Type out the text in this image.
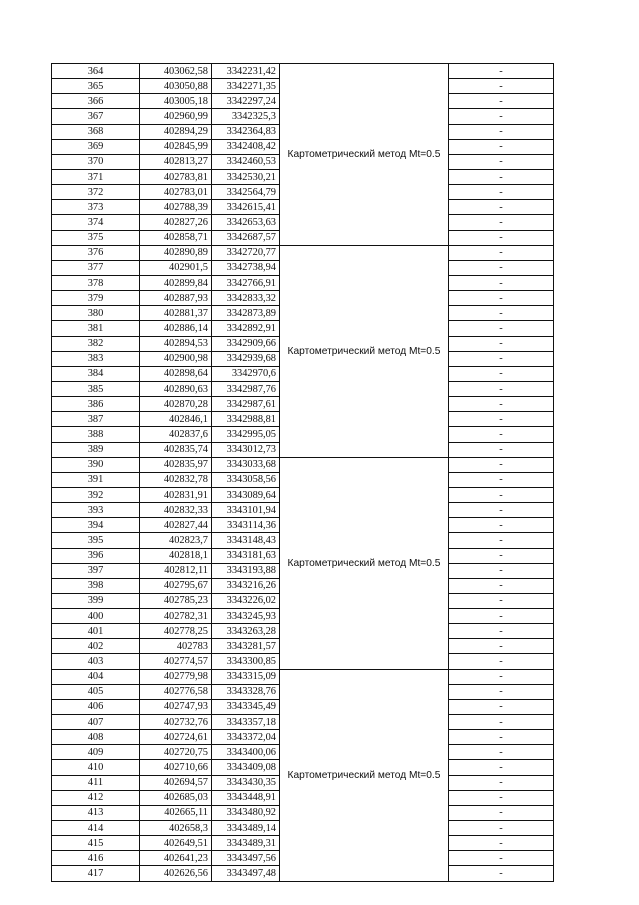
364	403062,58	3342231,42	Картометрический метод Mt=0.5	-
365	403050,88	3342271,35		-
366	403005,18	3342297,24		-
367	402960,99	3342325,3		-
368	402894,29	3342364,83		-
369	402845,99	3342408,42		-
370	402813,27	3342460,53		-
371	402783,81	3342530,21		-
372	402783,01	3342564,79		-
373	402788,39	3342615,41		-
374	402827,26	3342653,63		-
375	402858,71	3342687,57		-
376	402890,89	3342720,77	Картометрический метод Mt=0.5	-
377	402901,5	3342738,94		-
378	402899,84	3342766,91		-
379	402887,93	3342833,32		-
380	402881,37	3342873,89		-
381	402886,14	3342892,91		-
382	402894,53	3342909,66		-
383	402900,98	3342939,68		-
384	402898,64	3342970,6		-
385	402890,63	3342987,76		-
386	402870,28	3342987,61		-
387	402846,1	3342988,81		-
388	402837,6	3342995,05		-
389	402835,74	3343012,73		-
390	402835,97	3343033,68	Картометрический метод Mt=0.5	-
391	402832,78	3343058,56		-
392	402831,91	3343089,64		-
393	402832,33	3343101,94		-
394	402827,44	3343114,36		-
395	402823,7	3343148,43		-
396	402818,1	3343181,63		-
397	402812,11	3343193,88		-
398	402795,67	3343216,26		-
399	402785,23	3343226,02		-
400	402782,31	3343245,93		-
401	402778,25	3343263,28		-
402	402783	3343281,57		-
403	402774,57	3343300,85		-
404	402779,98	3343315,09	Картометрический метод Mt=0.5	-
405	402776,58	3343328,76		-
406	402747,93	3343345,49		-
407	402732,76	3343357,18		-
408	402724,61	3343372,04		-
409	402720,75	3343400,06		-
410	402710,66	3343409,08		-
411	402694,57	3343430,35		-
412	402685,03	3343448,91		-
413	402665,11	3343480,92		-
414	402658,3	3343489,14		-
415	402649,51	3343489,31		-
416	402641,23	3343497,56		-
417	402626,56	3343497,48		-
